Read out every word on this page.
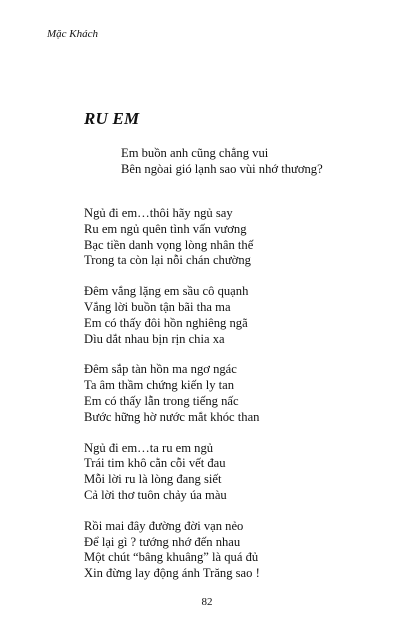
Mặc Khách
RU EM
Em buồn anh cũng chẳng vui
Bên ngòai gió lạnh sao vùi nhớ thương?
Ngủ đi em…thôi hãy ngủ say
Ru em ngủ quên tình vấn vương
Bạc tiền danh vọng lòng nhân thế
Trong ta còn lại nỗi chán chường
Đêm vắng lặng em sầu cô quạnh
Vắng lời buồn tận bãi tha ma
Em có thấy đôi hồn nghiêng ngã
Dìu dắt nhau bịn rịn chia xa
Đêm sắp tàn hồn ma ngơ ngác
Ta âm thầm chứng kiến ly tan
Em có thấy lẫn trong tiếng nấc
Bước hững hờ nước mắt khóc than
Ngủ đi em…ta ru em ngủ
Trái tim khô cằn cỗi vết đau
Mỗi lời ru là lòng đang siết
Cả lời thơ tuôn chảy úa màu
Rồi mai đây đường đời vạn nẻo
Để lại gì ? tướng nhớ đến nhau
Một chút “bâng khuâng” là quá đủ
Xin đừng lay động ánh Trăng sao !
82
